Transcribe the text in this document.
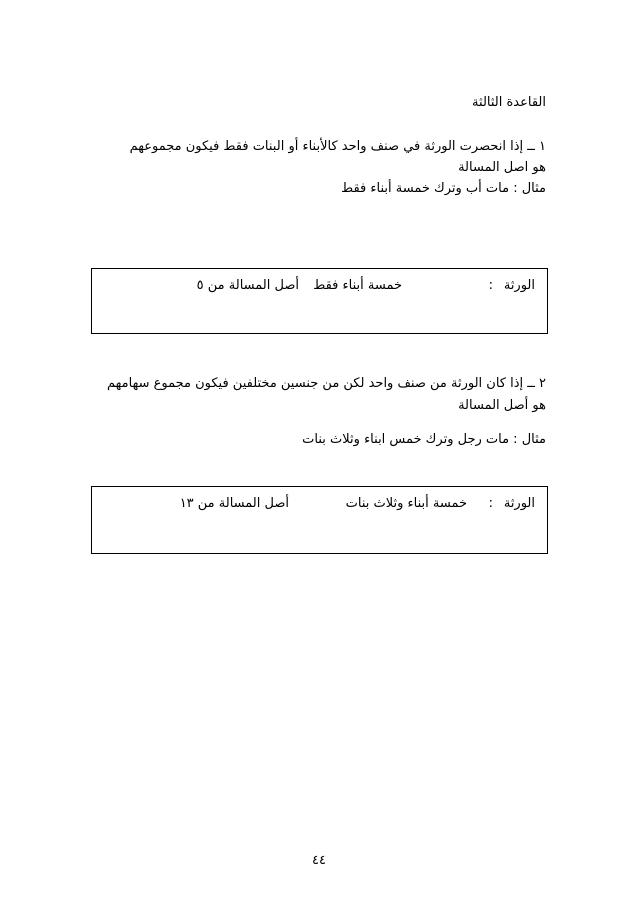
القاعدة الثالثة
١ ــ إذا انحصرت الورثة في صنف واحد كالأبناء أو البنات فقط فيكون مجموعهم
هو اصل المسالة
مثال : مات أب وترك خمسة أبناء فقط
الورثة
:
خمسة أبناء فقط
أصل المسالة من ٥
٢ ــ إذا كان الورثة من صنف واحد لكن من جنسين مختلفين فيكون مجموع سهامهم
هو أصل المسالة
مثال : مات رجل وترك خمس ابناء وثلاث بنات
الورثة
:
خمسة أبناء وثلاث بنات
أصل المسالة من ١٣
٤٤
